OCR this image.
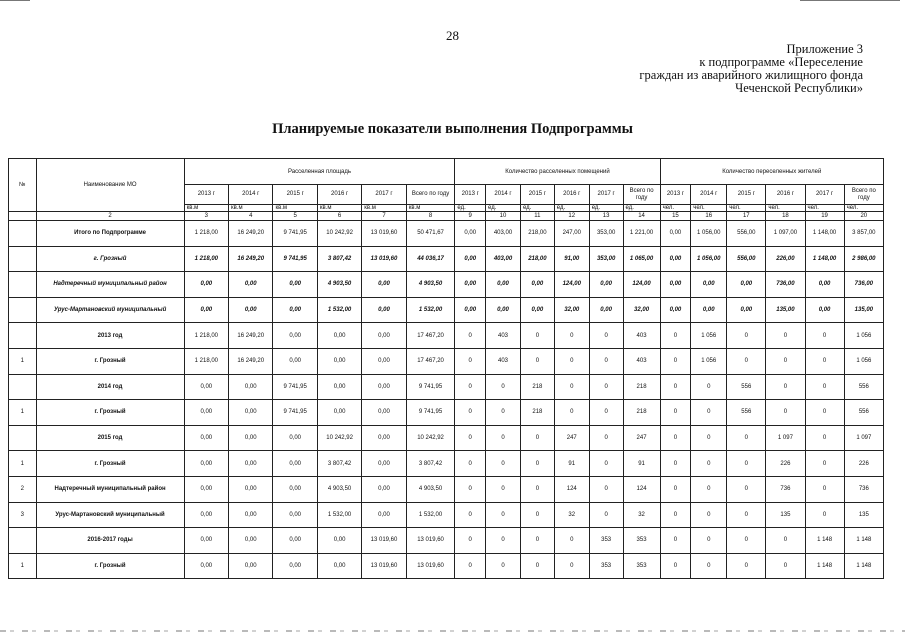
28
Приложение 3
к подпрограмме «Переселение
граждан из аварийного жилищного фонда
Чеченской Республики»
Планируемые показатели выполнения Подпрограммы
№	Наименование МО	Расселенная площадь						Количество расселенных помещений						Количество переселенных жителей					
		2013 г	2014 г	2015 г	2016 г	2017 г	Всего по году	2013 г	2014 г	2015 г	2016 г	2017 г	Всего по году	2013 г	2014 г	2015 г	2016 г	2017 г	Всего по году
		кв.м	кв.м	кв.м	кв.м	кв.м	кв.м	ед.	ед.	ед.	ед.	ед.	ед.	чел.	чел.	чел.	чел.	чел.	чел.
	2	3	4	5	6	7	8	9	10	11	12	13	14	15	16	17	18	19	20
	Итого по Подпрограмме	1 218,00	16 249,20	9 741,95	10 242,92	13 019,60	50 471,67	0,00	403,00	218,00	247,00	353,00	1 221,00	0,00	1 056,00	556,00	1 097,00	1 148,00	3 857,00
	г. Грозный	1 218,00	16 249,20	9 741,95	3 807,42	13 019,60	44 036,17	0,00	403,00	218,00	91,00	353,00	1 065,00	0,00	1 056,00	556,00	226,00	1 148,00	2 986,00
	Надтеречный муниципальный район	0,00	0,00	0,00	4 903,50	0,00	4 903,50	0,00	0,00	0,00	124,00	0,00	124,00	0,00	0,00	0,00	736,00	0,00	736,00
	Урус-Мартановский муниципальный	0,00	0,00	0,00	1 532,00	0,00	1 532,00	0,00	0,00	0,00	32,00	0,00	32,00	0,00	0,00	0,00	135,00	0,00	135,00
	2013 год	1 218,00	16 249,20	0,00	0,00	0,00	17 467,20	0	403	0	0	0	403	0	1 056	0	0	0	1 056
1	г. Грозный	1 218,00	16 249,20	0,00	0,00	0,00	17 467,20	0	403	0	0	0	403	0	1 056	0	0	0	1 056
	2014 год	0,00	0,00	9 741,95	0,00	0,00	9 741,95	0	0	218	0	0	218	0	0	556	0	0	556
1	г. Грозный	0,00	0,00	9 741,95	0,00	0,00	9 741,95	0	0	218	0	0	218	0	0	556	0	0	556
	2015 год	0,00	0,00	0,00	10 242,92	0,00	10 242,92	0	0	0	247	0	247	0	0	0	1 097	0	1 097
1	г. Грозный	0,00	0,00	0,00	3 807,42	0,00	3 807,42	0	0	0	91	0	91	0	0	0	226	0	226
2	Надтеречный муниципальный район	0,00	0,00	0,00	4 903,50	0,00	4 903,50	0	0	0	124	0	124	0	0	0	736	0	736
3	Урус-Мартановский муниципальный	0,00	0,00	0,00	1 532,00	0,00	1 532,00	0	0	0	32	0	32	0	0	0	135	0	135
	2016-2017 годы	0,00	0,00	0,00	0,00	13 019,60	13 019,60	0	0	0	0	353	353	0	0	0	0	1 148	1 148
1	г. Грозный	0,00	0,00	0,00	0,00	13 019,60	13 019,60	0	0	0	0	353	353	0	0	0	0	1 148	1 148
